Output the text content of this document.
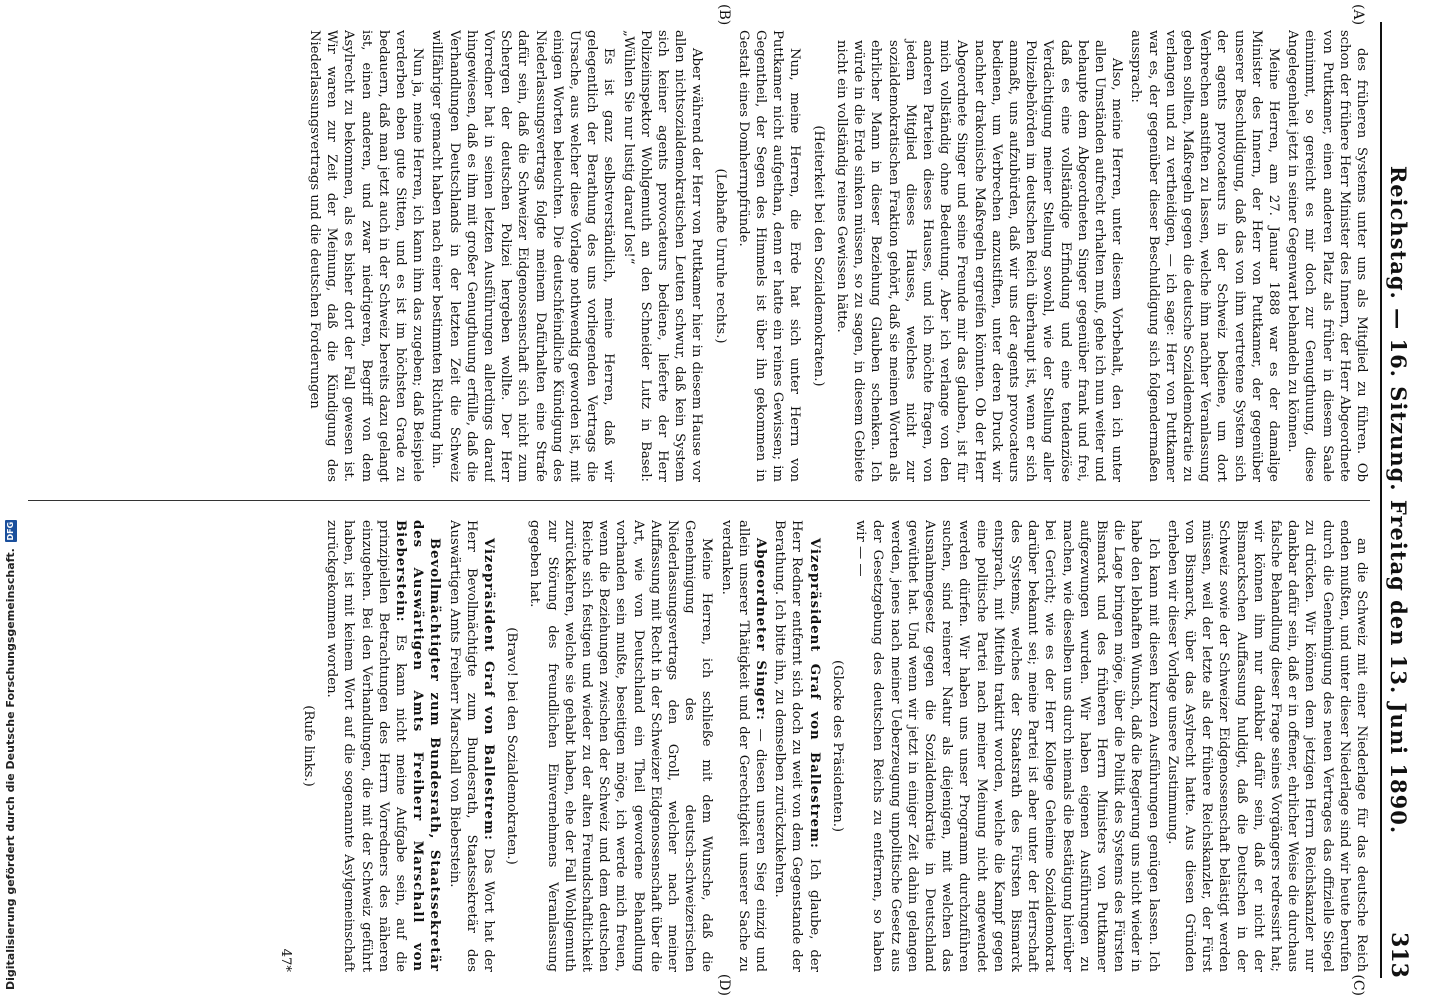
Reichstag. — 16. Sitzung. Freitag den 13. Juni 1890.
313
(A)
(B)
(C)
(D)

des früheren Systems unter uns als Mitglied zu führen. Ob schon der frühere Herr Minister des Innern, der Herr Abgeordnete von Puttkamer, einen anderen Platz als früher in diesem Saale einnimmt, so gereicht es mir doch zur Genugthuung, diese Angelegenheit jetzt in seiner Gegenwart behandeln zu können.

Meine Herren, am 27. Januar 1888 war es der damalige Minister des Innern, der Herr von Puttkamer, der gegenüber unserer Beschuldigung, daß das von ihm vertretene System sich der agents provocateurs in der Schweiz bediene, um dort Verbrechen anstiften zu lassen, welche ihm nachher Veranlassung geben sollten, Maßregeln gegen die deutsche Sozialdemokratie zu verlangen und zu vertheidigen, — ich sage: Herr von Puttkamer war es, der gegenüber dieser Beschuldigung sich folgendermaßen aussprach:

Also, meine Herren, unter diesem Vorbehalt, den ich unter allen Umständen aufrecht erhalten muß, gehe ich nun weiter und behaupte dem Abgeordneten Singer gegenüber frank und frei, daß es eine vollständige Erfindung und eine tendenziöse Verdächtigung meiner Stellung sowohl, wie der Stellung aller Polizeibehörden im deutschen Reich überhaupt ist, wenn er sich anmaßt, uns aufzubürden, daß wir uns der agents provocateurs bedienen, um Verbrechen anzustiften, unter deren Druck wir nachher drakonische Maßregeln ergreifen könnten. Ob der Herr Abgeordnete Singer und seine Freunde mir das glauben, ist für mich vollständig ohne Bedeutung. Aber ich verlange von den anderen Parteien dieses Hauses, und ich möchte fragen, von jedem Mitglied dieses Hauses, welches nicht zur sozialdemokratischen Fraktion gehört, daß sie meinen Worten als ehrlicher Mann in dieser Beziehung Glauben schenken. Ich würde in die Erde sinken müssen, so zu sagen, in diesem Gebiete nicht ein vollständig reines Gewissen hätte.

(Heiterkeit bei den Sozialdemokraten.)

Nun, meine Herren, die Erde hat sich unter Herrn von Puttkamer nicht aufgethan, denn er hatte ein reines Gewissen; im Gegentheil, der Segen des Himmels ist über ihn gekommen in Gestalt eines Domherrnpfründe.

(Lebhafte Unruhe rechts.)

Aber während der Herr von Puttkamer hier in diesem Hause vor allen nichtsozialdemokratischen Leuten schwur, daß kein System sich keiner agents provocateurs bediene, lieferte der Herr Polizeiinspektor Wohlgemuth an den Schneider Lutz in Basel: „Wühlen Sie nur lustig darauf los!“

Es ist ganz selbstverständlich, meine Herren, daß wir gelegentlich der Berathung des uns vorliegenden Vertrags die Ursache, aus welcher diese Vorlage nothwendig geworden ist, mit einigen Worten beleuchten. Die deutschfeindliche Kündigung des Niederlassungsvertrags folgte meinem Dafürhalten eine Strafe dafür sein, daß die Schweizer Eidgenossenschaft sich nicht zum Schergen der deutschen Polizei hergeben wollte. Der Herr Vorredner hat in seinen letzten Ausführungen allerdings darauf hingewiesen, daß es ihm mit großer Genugthuung erfülle, daß die Verhandlungen Deutschlands in der letzten Zeit die Schweiz willfähriger gemacht haben nach einer bestimmten Richtung hin.

Nun ja, meine Herren, ich kann ihm das zugeben; daß Beispiele verderben eben gute Sitten, und es ist im höchsten Grade zu bedauern, daß man jetzt auch in der Schweiz bereits dazu gelangt ist, einen anderen, und zwar niedrigeren, Begriff von dem Asylrecht zu bekommen, als es bisher dort der Fall gewesen ist. Wir waren zur Zeit der Meinung, daß die Kündigung des Niederlassungsvertrags und die deutschen Forderungen

an die Schweiz mit einer Niederlage für das deutsche Reich enden mußten, und unter dieser Niederlage sind wir heute berufen durch die Genehmigung des neuen Vertrages das offizielle Siegel zu drücken. Wir können dem jetzigen Herrn Reichskanzler nur dankbar dafür sein, daß er in offener, ehrlicher Weise die durchaus falsche Behandlung dieser Frage seines Vorgängers redressirt hat; wir können ihm nur dankbar dafür sein, daß er nicht der Bismarckschen Auffassung huldigt, daß die Deutschen in der Schweiz sowie der Schweizer Eidgenossenschaft belästigt werden müssen, weil der letzte als der frühere Reichskanzler, der Fürst von Bismarck, über das Asylrecht hatte. Aus diesen Gründen erheben wir dieser Vorlage unsere Zustimmung.

Ich kann mit diesen kurzen Ausführungen genügen lassen. Ich habe den lebhaften Wunsch, daß die Regierung uns nicht wieder in die Lage bringen möge, über die Politik des Systems des Fürsten Bismarck und des früheren Herrn Ministers von Puttkamer aufgezwungen wurden. Wir haben eigenen Ausführungen zu machen, wie dieselben uns durch niemals die Bestätigung hierüber bei Gericht; wie es der Herr Kollege Geheime Sozialdemokrat darüber bekannt sei; meine Partei ist aber unter der Herrschaft des Systems, welches der Staatsrath des Fürsten Bismarck entsprach, mit Mitteln traktirt worden, welche die Kampf gegen eine politische Partei nach meiner Meinung nicht angewendet werden dürfen. Wir haben uns unser Programm durchzuführen suchen, sind reinerer Natur als diejenigen, mit welchen das Ausnahmegesetz gegen die Sozialdemokratie in Deutschland gewüthet hat. Und wenn wir jetzt in einiger Zeit dahin gelangen werden, jenes nach meiner Ueberzeugung unpolitische Gesetz aus der Gesetzgebung des deutschen Reichs zu entfernen, so haben wir — —

(Glocke des Präsidenten.)

Vizepräsident Graf von Ballestrem: Ich glaube, der Herr Redner entfernt sich doch zu weit von dem Gegenstande der Berathung. Ich bitte ihn, zu demselben zurückzukehren.

Abgeordneter Singer: — diesen unseren Sieg einzig und allein unserer Thätigkeit und der Gerechtigkeit unserer Sache zu verdanken.

Meine Herren, ich schließe mit dem Wunsche, daß die Genehmigung des deutsch-schweizerischen Niederlassungsvertrags den Groll, welcher nach meiner Auffassung mit Recht in der Schweizer Eidgenossenschaft über die Art, wie von Deutschland ein Theil gewordene Behandlung vorhanden sein mußte, beseitigen möge, ich werde mich freuen, wenn die Beziehungen zwischen der Schweiz und dem deutschen Reiche sich festigen und wieder zu der alten Freundschaftlichkeit zurückkehren, welche sie gehabt haben, ehe der Fall Wohlgemuth zur Störung des freundlichen Einvernehmens Veranlassung gegeben hat.

(Bravo! bei den Sozialdemokraten.)

Vizepräsident Graf von Ballestrem: Das Wort hat der Herr Bevollmächtigte zum Bundesrath, Staatssekretär des Auswärtigen Amts Freiherr Marschall von Bieberstein.

Bevollmächtigter zum Bundesrath, Staatssekretär des Auswärtigen Amts Freiherr Marschall von Bieberstein: Es kann nicht meine Aufgabe sein, auf die prinzipiellen Betrachtungen des Herrn Vorredners des näheren einzugehen. Bei den Verhandlungen, die mit der Schweiz geführt haben, ist mit keinem Wort auf die sogenannte Asylgemeinschaft zurückgekommen worden.

(Rufe links.)

47*

Digitalisierung gefördert durch die Deutsche Forschungsgemeinschaft.
DFG
